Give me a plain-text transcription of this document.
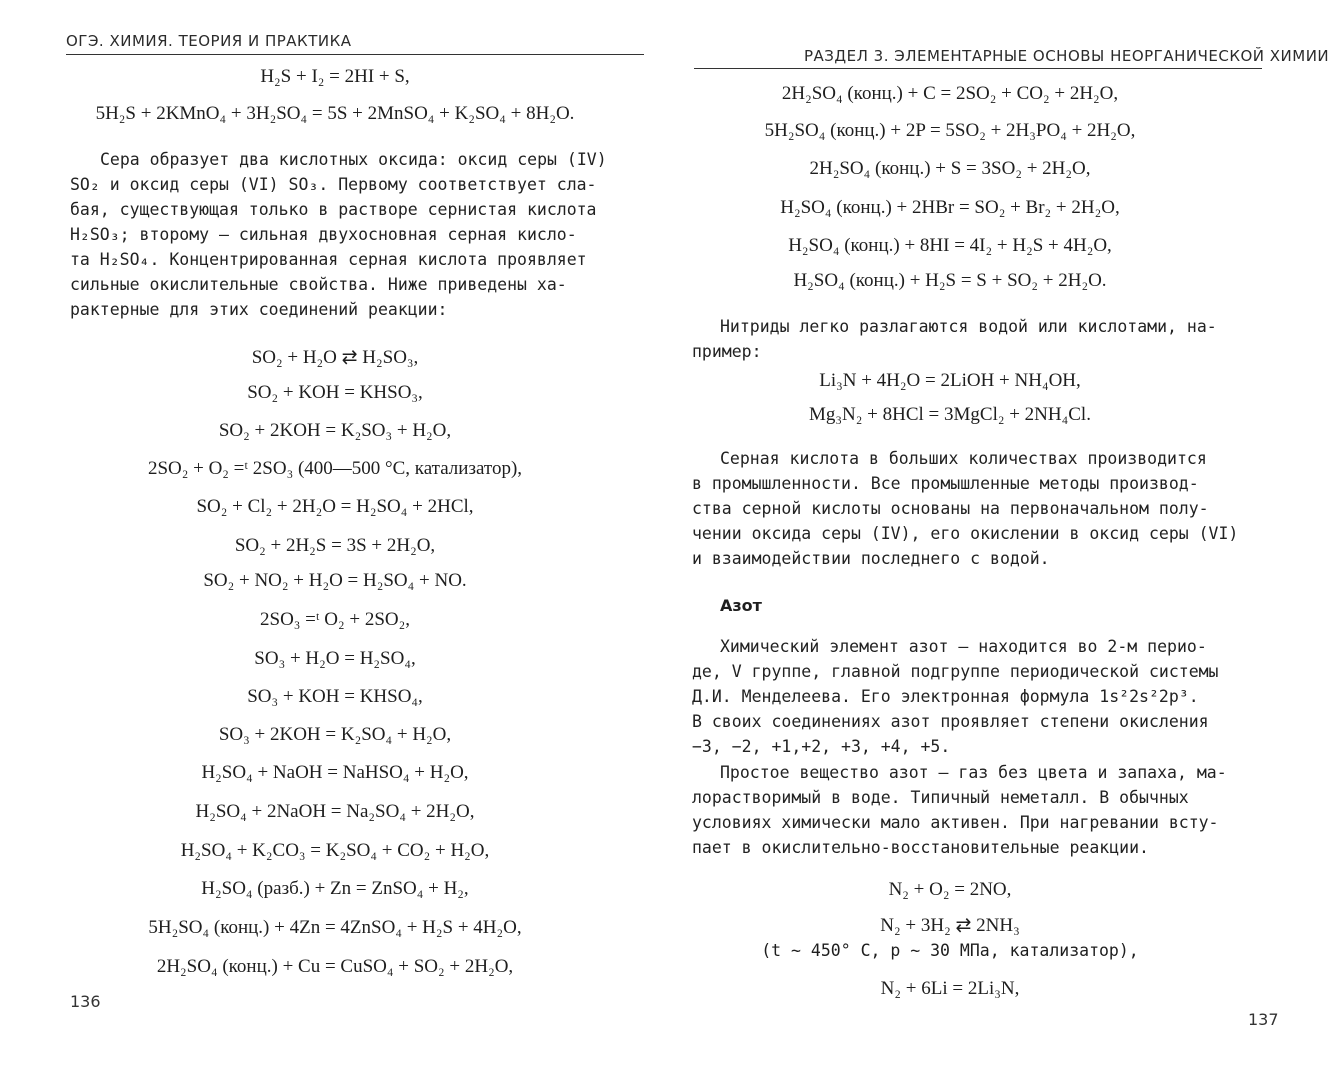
ОГЭ. ХИМИЯ. ТЕОРИЯ И ПРАКТИКА
H₂S + I₂ = 2HI + S,
5H₂S + 2KMnO₄ + 3H₂SO₄ = 5S + 2MnSO₄ + K₂SO₄ + 8H₂O.
Сера образует два кислотных оксида: оксид серы (IV)
SO₂ и оксид серы (VI) SO₃. Первому соответствует сла-
бая, существующая только в растворе сернистая кислота
H₂SO₃; второму — сильная двухосновная серная кисло-
та H₂SO₄. Концентрированная серная кислота проявляет
сильные окислительные свойства. Ниже приведены ха-
рактерные для этих соединений реакции:
SO₂ + H₂O ⇄ H₂SO₃,
SO₂ + KOH = KHSO₃,
SO₂ + 2KOH = K₂SO₃ + H₂O,
2SO₂ + O₂ =ᵗ 2SO₃ (400—500 °C, катализатор),
SO₂ + Cl₂ + 2H₂O = H₂SO₄ + 2HCl,
SO₂ + 2H₂S = 3S + 2H₂O,
SO₂ + NO₂ + H₂O = H₂SO₄ + NO.
2SO₃ =ᵗ O₂ + 2SO₂,
SO₃ + H₂O = H₂SO₄,
SO₃ + KOH = KHSO₄,
SO₃ + 2KOH = K₂SO₄ + H₂O,
H₂SO₄ + NaOH = NaHSO₄ + H₂O,
H₂SO₄ + 2NaOH = Na₂SO₄ + 2H₂O,
H₂SO₄ + K₂CO₃ = K₂SO₄ + CO₂ + H₂O,
H₂SO₄ (разб.) + Zn = ZnSO₄ + H₂,
5H₂SO₄ (конц.) + 4Zn = 4ZnSO₄ + H₂S + 4H₂O,
2H₂SO₄ (конц.) + Cu = CuSO₄ + SO₂ + 2H₂O,
136
РАЗДЕЛ 3. ЭЛЕМЕНТАРНЫЕ ОСНОВЫ НЕОРГАНИЧЕСКОЙ ХИМИИ
2H₂SO₄ (конц.) + C = 2SO₂ + CO₂ + 2H₂O,
5H₂SO₄ (конц.) + 2P = 5SO₂ + 2H₃PO₄ + 2H₂O,
2H₂SO₄ (конц.) + S = 3SO₂ + 2H₂O,
H₂SO₄ (конц.) + 2HBr = SO₂ + Br₂ + 2H₂O,
H₂SO₄ (конц.) + 8HI = 4I₂ + H₂S + 4H₂O,
H₂SO₄ (конц.) + H₂S = S + SO₂ + 2H₂O.
Нитриды легко разлагаются водой или кислотами, на-
пример:
Li₃N + 4H₂O = 2LiOH + NH₄OH,
Mg₃N₂ + 8HCl = 3MgCl₂ + 2NH₄Cl.
Серная кислота в больших количествах производится
в промышленности. Все промышленные методы производ-
ства серной кислоты основаны на первоначальном полу-
чении оксида серы (IV), его окислении в оксид серы (VI)
и взаимодействии последнего с водой.
Азот
Химический элемент азот — находится во 2-м перио-
де, V группе, главной подгруппе периодической системы
Д.И. Менделеева. Его электронная формула 1s²2s²2p³.
В своих соединениях азот проявляет степени окисления
−3, −2, +1,+2, +3, +4, +5.
Простое вещество азот — газ без цвета и запаха, ма-
лорастворимый в воде. Типичный неметалл. В обычных
условиях химически мало активен. При нагревании всту-
пает в окислительно-восстановительные реакции.
N₂ + O₂ = 2NO,
N₂ + 3H₂ ⇄ 2NH₃
(t ~ 450° C, p ~ 30 МПа, катализатор),
N₂ + 6Li = 2Li₃N,
137
